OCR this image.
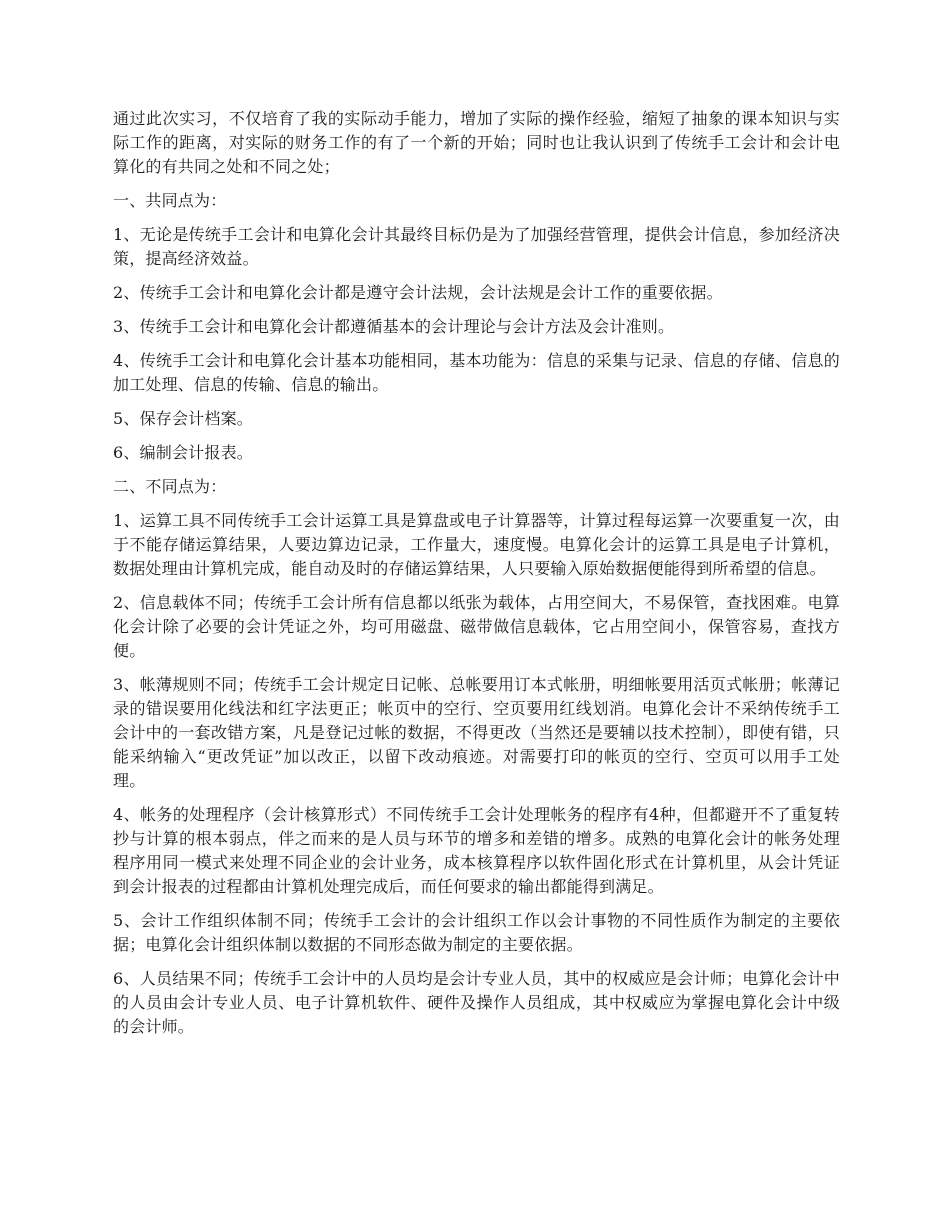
通过此次实习，不仅培育了我的实际动手能力，增加了实际的操作经验，缩短了抽象的课本知识与实际工作的距离，对实际的财务工作的有了一个新的开始；同时也让我认识到了传统手工会计和会计电算化的有共同之处和不同之处；

一、共同点为：

1、无论是传统手工会计和电算化会计其最终目标仍是为了加强经营管理，提供会计信息，参加经济决策，提高经济效益。

2、传统手工会计和电算化会计都是遵守会计法规，会计法规是会计工作的重要依据。

3、传统手工会计和电算化会计都遵循基本的会计理论与会计方法及会计准则。

4、传统手工会计和电算化会计基本功能相同，基本功能为：信息的采集与记录、信息的存储、信息的加工处理、信息的传输、信息的输出。

5、保存会计档案。

6、编制会计报表。

二、不同点为：

1、运算工具不同传统手工会计运算工具是算盘或电子计算器等，计算过程每运算一次要重复一次，由于不能存储运算结果，人要边算边记录，工作量大，速度慢。电算化会计的运算工具是电子计算机，数据处理由计算机完成，能自动及时的存储运算结果，人只要输入原始数据便能得到所希望的信息。

2、信息载体不同；传统手工会计所有信息都以纸张为载体，占用空间大，不易保管，查找困难。电算化会计除了必要的会计凭证之外，均可用磁盘、磁带做信息载体，它占用空间小，保管容易，查找方便。

3、帐薄规则不同；传统手工会计规定日记帐、总帐要用订本式帐册，明细帐要用活页式帐册；帐薄记录的错误要用化线法和红字法更正；帐页中的空行、空页要用红线划消。电算化会计不采纳传统手工会计中的一套改错方案，凡是登记过帐的数据，不得更改（当然还是要辅以技术控制），即使有错，只能采纳输入“更改凭证”加以改正，以留下改动痕迹。对需要打印的帐页的空行、空页可以用手工处理。

4、帐务的处理程序（会计核算形式）不同传统手工会计处理帐务的程序有4种，但都避开不了重复转抄与计算的根本弱点，伴之而来的是人员与环节的增多和差错的增多。成熟的电算化会计的帐务处理程序用同一模式来处理不同企业的会计业务，成本核算程序以软件固化形式在计算机里，从会计凭证到会计报表的过程都由计算机处理完成后，而任何要求的输出都能得到满足。

5、会计工作组织体制不同；传统手工会计的会计组织工作以会计事物的不同性质作为制定的主要依据；电算化会计组织体制以数据的不同形态做为制定的主要依据。

6、人员结果不同；传统手工会计中的人员均是会计专业人员，其中的权威应是会计师；电算化会计中的人员由会计专业人员、电子计算机软件、硬件及操作人员组成，其中权威应为掌握电算化会计中级的会计师。
